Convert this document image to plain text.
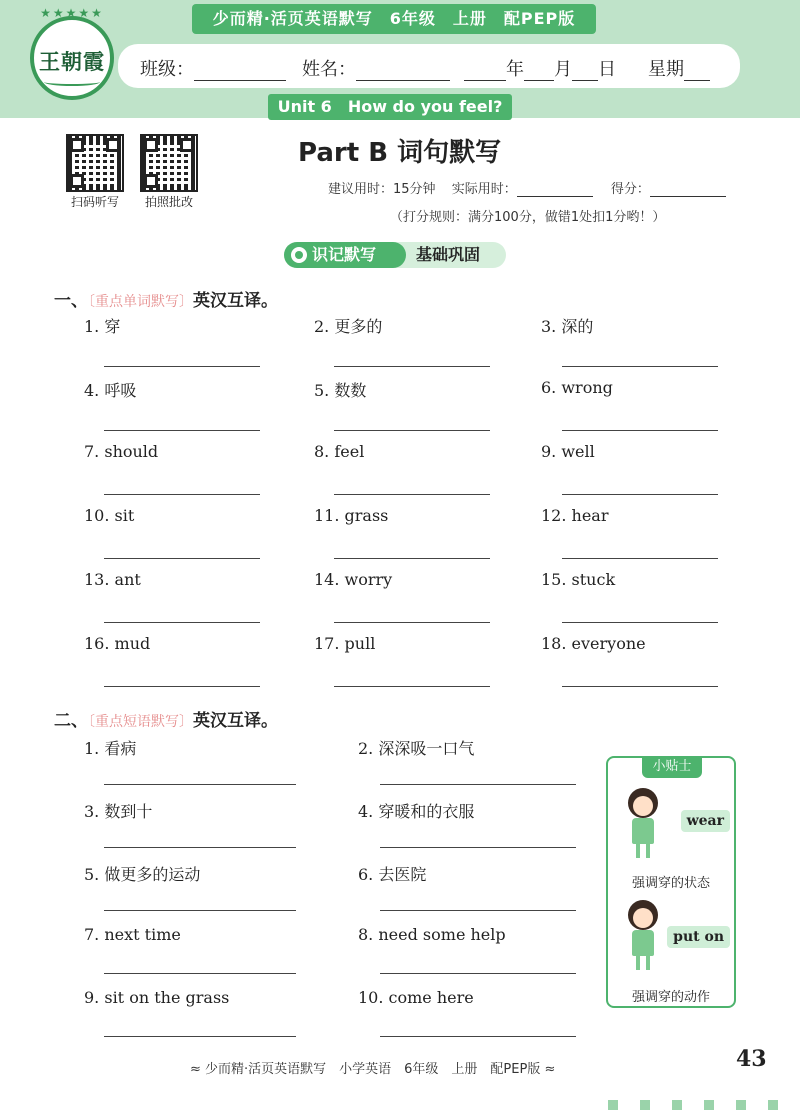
少而精·活页英语默写　6年级　上册　配PEP版
★★★★★
王朝霞 班级：	姓名：	年 月 日 星期
Unit 6　How do you feel?
扫码听写	拍照批改
Part B 词句默写
建议用时：15分钟 实际用时：	得分：
（打分规则：满分100分，做错1处扣1分哟！）
识记默写	基础巩固
一、〔重点单词默写〕英汉互译。
1. 穿	2. 更多的	3. 深的
4. 呼吸	5. 数数	6. wrong
7. should	8. feel	9. well
10. sit	11. grass	12. hear
13. ant	14. worry	15. stuck
16. mud	17. pull	18. everyone
二、〔重点短语默写〕英汉互译。
1. 看病	2. 深深吸一口气
3. 数到十	4. 穿暖和的衣服
5. 做更多的运动	6. 去医院
7. next time	8. need some help
9. sit on the grass	10. come here
小贴士
wear
强调穿的状态
put on
强调穿的动作
≈ 少而精·活页英语默写　小学英语　6年级　上册　配PEP版 ≈	43
